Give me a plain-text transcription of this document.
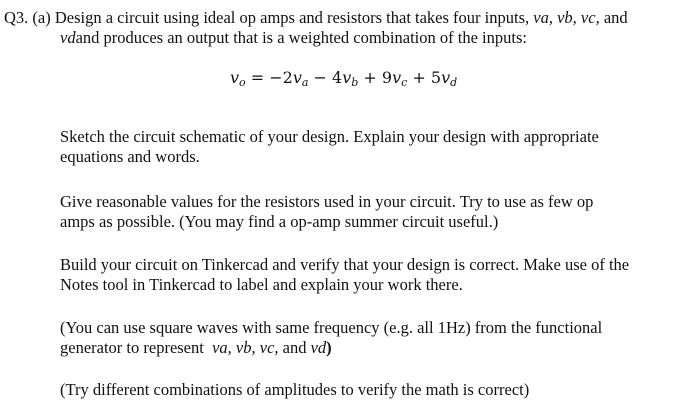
Q3. (a) Design a circuit using ideal op amps and resistors that takes four inputs, va, vb, vc, and
vdand produces an output that is a weighted combination of the inputs:
$v_o = -2v_a - 4v_b + 9v_c + 5v_d$
Sketch the circuit schematic of your design. Explain your design with appropriate
equations and words.
Give reasonable values for the resistors used in your circuit. Try to use as few op
amps as possible. (You may find a op-amp summer circuit useful.)
Build your circuit on Tinkercad and verify that your design is correct. Make use of the
Notes tool in Tinkercad to label and explain your work there.
(You can use square waves with same frequency (e.g. all 1Hz) from the functional
generator to represent va, vb, vc, and vd)
(Try different combinations of amplitudes to verify the math is correct)
